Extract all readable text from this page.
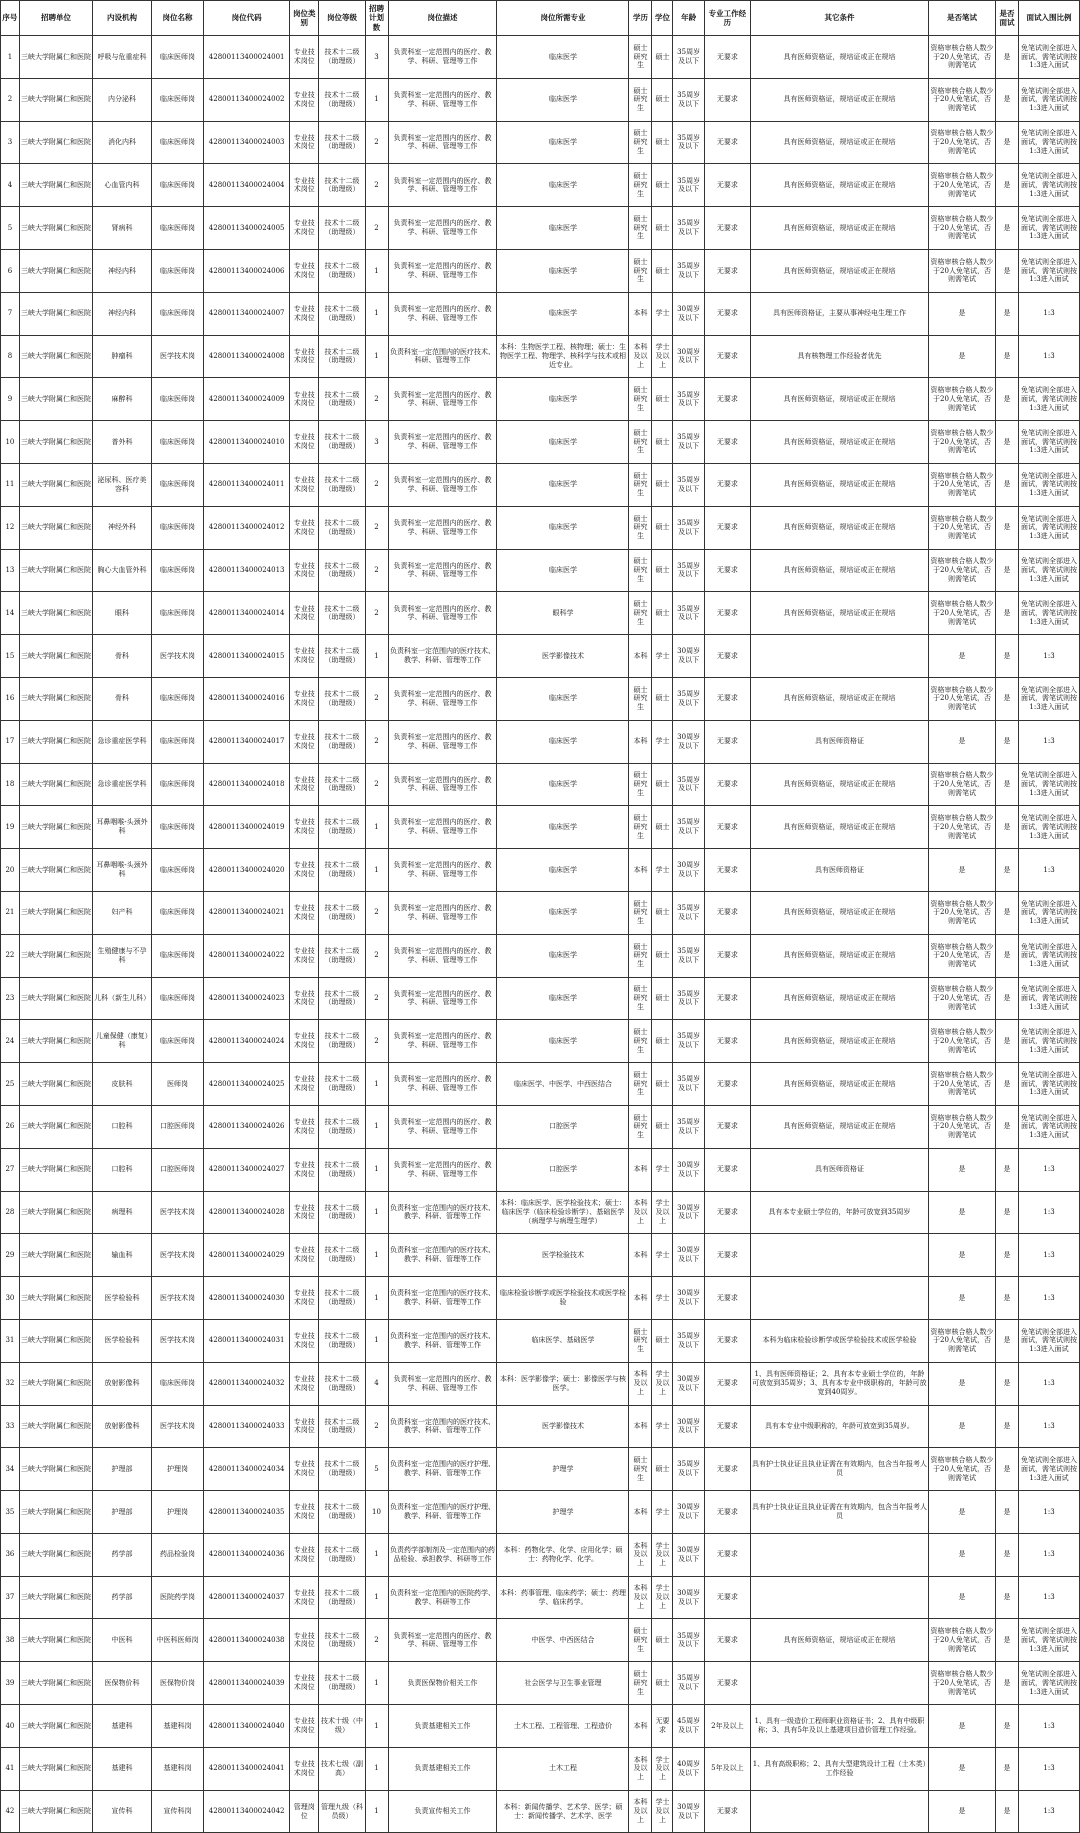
序号	招聘单位	内设机构	岗位名称	岗位代码	岗位类别	岗位等级	招聘计划数	岗位描述	岗位所需专业	学历	学位	年龄	专业工作经历	其它条件	是否笔试	是否面试	面试入围比例
1	三峡大学附属仁和医院	呼吸与危重症科	临床医师岗	42800113400024001	专业技术岗位	技术十二级（助理级）	3	负责科室一定范围内的医疗、教学、科研、管理等工作	临床医学	硕士研究生	硕士	35周岁及以下	无要求	具有医师资格证，规培证或正在规培	资格审核合格人数少于20人免笔试，否则需笔试	是	免笔试则全部进入面试，需笔试则按1:3进入面试
2	三峡大学附属仁和医院	内分泌科	临床医师岗	42800113400024002	专业技术岗位	技术十二级（助理级）	1	负责科室一定范围内的医疗、教学、科研、管理等工作	临床医学	硕士研究生	硕士	35周岁及以下	无要求	具有医师资格证，规培证或正在规培	资格审核合格人数少于20人免笔试，否则需笔试	是	免笔试则全部进入面试，需笔试则按1:3进入面试
3	三峡大学附属仁和医院	消化内科	临床医师岗	42800113400024003	专业技术岗位	技术十二级（助理级）	2	负责科室一定范围内的医疗、教学、科研、管理等工作	临床医学	硕士研究生	硕士	35周岁及以下	无要求	具有医师资格证，规培证或正在规培	资格审核合格人数少于20人免笔试，否则需笔试	是	免笔试则全部进入面试，需笔试则按1:3进入面试
4	三峡大学附属仁和医院	心血管内科	临床医师岗	42800113400024004	专业技术岗位	技术十二级（助理级）	2	负责科室一定范围内的医疗、教学、科研、管理等工作	临床医学	硕士研究生	硕士	35周岁及以下	无要求	具有医师资格证，规培证或正在规培	资格审核合格人数少于20人免笔试，否则需笔试	是	免笔试则全部进入面试，需笔试则按1:3进入面试
5	三峡大学附属仁和医院	肾病科	临床医师岗	42800113400024005	专业技术岗位	技术十二级（助理级）	2	负责科室一定范围内的医疗、教学、科研、管理等工作	临床医学	硕士研究生	硕士	35周岁及以下	无要求	具有医师资格证，规培证或正在规培	资格审核合格人数少于20人免笔试，否则需笔试	是	免笔试则全部进入面试，需笔试则按1:3进入面试
6	三峡大学附属仁和医院	神经内科	临床医师岗	42800113400024006	专业技术岗位	技术十二级（助理级）	1	负责科室一定范围内的医疗、教学、科研、管理等工作	临床医学	硕士研究生	硕士	35周岁及以下	无要求	具有医师资格证，规培证或正在规培	资格审核合格人数少于20人免笔试，否则需笔试	是	免笔试则全部进入面试，需笔试则按1:3进入面试
7	三峡大学附属仁和医院	神经内科	临床医师岗	42800113400024007	专业技术岗位	技术十二级（助理级）	1	负责科室一定范围内的医疗、教学、科研、管理等工作	临床医学	本科	学士	30周岁及以下	无要求	具有医师资格证，主要从事神经电生理工作	是	是	1:3
8	三峡大学附属仁和医院	肿瘤科	医学技术岗	42800113400024008	专业技术岗位	技术十二级（助理级）	1	负责科室一定范围内的医疗技术、科研、管理等工作	本科：生物医学工程、核物理；硕士：生物医学工程、物理学、核科学与技术或相近专业。	本科及以上	学士及以上	30周岁及以下	无要求	具有核物理工作经验者优先	是	是	1:3
9	三峡大学附属仁和医院	麻醉科	临床医师岗	42800113400024009	专业技术岗位	技术十二级（助理级）	2	负责科室一定范围内的医疗、教学、科研、管理等工作	临床医学	硕士研究生	硕士	35周岁及以下	无要求	具有医师资格证，规培证或正在规培	资格审核合格人数少于20人免笔试，否则需笔试	是	免笔试则全部进入面试，需笔试则按1:3进入面试
10	三峡大学附属仁和医院	普外科	临床医师岗	42800113400024010	专业技术岗位	技术十二级（助理级）	3	负责科室一定范围内的医疗、教学、科研、管理等工作	临床医学	硕士研究生	硕士	35周岁及以下	无要求	具有医师资格证，规培证或正在规培	资格审核合格人数少于20人免笔试，否则需笔试	是	免笔试则全部进入面试，需笔试则按1:3进入面试
11	三峡大学附属仁和医院	泌尿科、医疗美容科	临床医师岗	42800113400024011	专业技术岗位	技术十二级（助理级）	2	负责科室一定范围内的医疗、教学、科研、管理等工作	临床医学	硕士研究生	硕士	35周岁及以下	无要求	具有医师资格证，规培证或正在规培	资格审核合格人数少于20人免笔试，否则需笔试	是	免笔试则全部进入面试，需笔试则按1:3进入面试
12	三峡大学附属仁和医院	神经外科	临床医师岗	42800113400024012	专业技术岗位	技术十二级（助理级）	2	负责科室一定范围内的医疗、教学、科研、管理等工作	临床医学	硕士研究生	硕士	35周岁及以下	无要求	具有医师资格证，规培证或正在规培	资格审核合格人数少于20人免笔试，否则需笔试	是	免笔试则全部进入面试，需笔试则按1:3进入面试
13	三峡大学附属仁和医院	胸心大血管外科	临床医师岗	42800113400024013	专业技术岗位	技术十二级（助理级）	2	负责科室一定范围内的医疗、教学、科研、管理等工作	临床医学	硕士研究生	硕士	35周岁及以下	无要求	具有医师资格证，规培证或正在规培	资格审核合格人数少于20人免笔试，否则需笔试	是	免笔试则全部进入面试，需笔试则按1:3进入面试
14	三峡大学附属仁和医院	眼科	临床医师岗	42800113400024014	专业技术岗位	技术十二级（助理级）	2	负责科室一定范围内的医疗、教学、科研、管理等工作	眼科学	硕士研究生	硕士	35周岁及以下	无要求	具有医师资格证，规培证或正在规培	资格审核合格人数少于20人免笔试，否则需笔试	是	免笔试则全部进入面试，需笔试则按1:3进入面试
15	三峡大学附属仁和医院	骨科	医学技术岗	42800113400024015	专业技术岗位	技术十二级（助理级）	1	负责科室一定范围内的医疗技术、教学、科研、管理等工作	医学影像技术	本科	学士	30周岁及以下	无要求		是	是	1:3
16	三峡大学附属仁和医院	骨科	临床医师岗	42800113400024016	专业技术岗位	技术十二级（助理级）	2	负责科室一定范围内的医疗、教学、科研、管理等工作	临床医学	硕士研究生	硕士	35周岁及以下	无要求	具有医师资格证，规培证或正在规培	资格审核合格人数少于20人免笔试，否则需笔试	是	免笔试则全部进入面试，需笔试则按1:3进入面试
17	三峡大学附属仁和医院	急诊重症医学科	临床医师岗	42800113400024017	专业技术岗位	技术十二级（助理级）	2	负责科室一定范围内的医疗、教学、科研、管理等工作	临床医学	本科	学士	30周岁及以下	无要求	具有医师资格证	是	是	1:3
18	三峡大学附属仁和医院	急诊重症医学科	临床医师岗	42800113400024018	专业技术岗位	技术十二级（助理级）	2	负责科室一定范围内的医疗、教学、科研、管理等工作	临床医学	硕士研究生	硕士	35周岁及以下	无要求	具有医师资格证，规培证或正在规培	资格审核合格人数少于20人免笔试，否则需笔试	是	免笔试则全部进入面试，需笔试则按1:3进入面试
19	三峡大学附属仁和医院	耳鼻咽喉-头颈外科	临床医师岗	42800113400024019	专业技术岗位	技术十二级（助理级）	1	负责科室一定范围内的医疗、教学、科研、管理等工作	临床医学	硕士研究生	硕士	35周岁及以下	无要求	具有医师资格证，规培证或正在规培	资格审核合格人数少于20人免笔试，否则需笔试	是	免笔试则全部进入面试，需笔试则按1:3进入面试
20	三峡大学附属仁和医院	耳鼻咽喉-头颈外科	临床医师岗	42800113400024020	专业技术岗位	技术十二级（助理级）	1	负责科室一定范围内的医疗、教学、科研、管理等工作	临床医学	本科	学士	30周岁及以下	无要求	具有医师资格证	是	是	1:3
21	三峡大学附属仁和医院	妇产科	临床医师岗	42800113400024021	专业技术岗位	技术十二级（助理级）	2	负责科室一定范围内的医疗、教学、科研、管理等工作	临床医学	硕士研究生	硕士	35周岁及以下	无要求	具有医师资格证，规培证或正在规培	资格审核合格人数少于20人免笔试，否则需笔试	是	免笔试则全部进入面试，需笔试则按1:3进入面试
22	三峡大学附属仁和医院	生殖健康与不孕科	临床医师岗	42800113400024022	专业技术岗位	技术十二级（助理级）	2	负责科室一定范围内的医疗、教学、科研、管理等工作	临床医学	硕士研究生	硕士	35周岁及以下	无要求	具有医师资格证，规培证或正在规培	资格审核合格人数少于20人免笔试，否则需笔试	是	免笔试则全部进入面试，需笔试则按1:3进入面试
23	三峡大学附属仁和医院	儿科（新生儿科）	临床医师岗	42800113400024023	专业技术岗位	技术十二级（助理级）	2	负责科室一定范围内的医疗、教学、科研、管理等工作	临床医学	硕士研究生	硕士	35周岁及以下	无要求	具有医师资格证，规培证或正在规培	资格审核合格人数少于20人免笔试，否则需笔试	是	免笔试则全部进入面试，需笔试则按1:3进入面试
24	三峡大学附属仁和医院	儿童保健（康复）科	临床医师岗	42800113400024024	专业技术岗位	技术十二级（助理级）	2	负责科室一定范围内的医疗、教学、科研、管理等工作	临床医学	硕士研究生	硕士	35周岁及以下	无要求	具有医师资格证，规培证或正在规培	资格审核合格人数少于20人免笔试，否则需笔试	是	免笔试则全部进入面试，需笔试则按1:3进入面试
25	三峡大学附属仁和医院	皮肤科	医师岗	42800113400024025	专业技术岗位	技术十二级（助理级）	1	负责科室一定范围内的医疗、教学、科研、管理等工作	临床医学、中医学、中西医结合	硕士研究生	硕士	35周岁及以下	无要求	具有医师资格证，规培证或正在规培	资格审核合格人数少于20人免笔试，否则需笔试	是	免笔试则全部进入面试，需笔试则按1:3进入面试
26	三峡大学附属仁和医院	口腔科	口腔医师岗	42800113400024026	专业技术岗位	技术十二级（助理级）	1	负责科室一定范围内的医疗、教学、科研、管理等工作	口腔医学	硕士研究生	硕士	35周岁及以下	无要求	具有医师资格证，规培证或正在规培	资格审核合格人数少于20人免笔试，否则需笔试	是	免笔试则全部进入面试，需笔试则按1:3进入面试
27	三峡大学附属仁和医院	口腔科	口腔医师岗	42800113400024027	专业技术岗位	技术十二级（助理级）	1	负责科室一定范围内的医疗、教学、科研、管理等工作	口腔医学	本科	学士	30周岁及以下	无要求	具有医师资格证	是	是	1:3
28	三峡大学附属仁和医院	病理科	医学技术岗	42800113400024028	专业技术岗位	技术十二级（助理级）	1	负责科室一定范围内的医疗技术、教学、科研、管理等工作	本科：临床医学、医学检验技术；硕士：临床医学（临床检验诊断学）、基础医学（病理学与病理生理学）	本科及以上	学士及以上	30周岁及以下	无要求	具有本专业硕士学位的，年龄可放宽到35周岁	是	是	1:3
29	三峡大学附属仁和医院	输血科	医学技术岗	42800113400024029	专业技术岗位	技术十二级（助理级）	1	负责科室一定范围内的医疗技术、教学、科研、管理等工作	医学检验技术	本科	学士	30周岁及以下	无要求		是	是	1:3
30	三峡大学附属仁和医院	医学检验科	医学技术岗	42800113400024030	专业技术岗位	技术十二级（助理级）	1	负责科室一定范围内的医疗技术、教学、科研、管理等工作	临床检验诊断学或医学检验技术或医学检验	本科	学士	30周岁及以下	无要求		是	是	1:3
31	三峡大学附属仁和医院	医学检验科	医学技术岗	42800113400024031	专业技术岗位	技术十二级（助理级）	1	负责科室一定范围内的医疗技术、教学、科研、管理等工作	临床医学、基础医学	硕士研究生	硕士	35周岁及以下	无要求	本科为临床检验诊断学或医学检验技术或医学检验	资格审核合格人数少于20人免笔试，否则需笔试	是	免笔试则全部进入面试，需笔试则按1:3进入面试
32	三峡大学附属仁和医院	放射影像科	临床医师岗	42800113400024032	专业技术岗位	技术十二级（助理级）	4	负责科室一定范围内的医疗、教学、科研、管理等工作	本科：医学影像学；硕士：影像医学与核医学。	本科及以上	学士及以上	30周岁及以下	无要求	1、具有医师资格证；2、具有本专业硕士学位的，年龄可放宽到35周岁；3、具有本专业中级职称的，年龄可放宽到40周岁。	是	是	1:3
33	三峡大学附属仁和医院	放射影像科	医学技术岗	42800113400024033	专业技术岗位	技术十二级（助理级）	2	负责科室一定范围内的医疗技术、教学、科研、管理等工作	医学影像技术	本科	学士	30周岁及以下	无要求	具有本专业中级职称的，年龄可放宽到35周岁。	是	是	1:3
34	三峡大学附属仁和医院	护理部	护理岗	42800113400024034	专业技术岗位	技术十二级（助理级）	5	负责科室一定范围内的医疗护理、教学、科研、管理等工作	护理学	硕士研究生	硕士	35周岁及以下	无要求	具有护士执业证且执业证需在有效期内，包含当年报考人员	资格审核合格人数少于20人免笔试，否则需笔试	是	免笔试则全部进入面试，需笔试则按1:3进入面试
35	三峡大学附属仁和医院	护理部	护理岗	42800113400024035	专业技术岗位	技术十二级（助理级）	10	负责科室一定范围内的医疗护理、教学、科研、管理等工作	护理学	本科	学士	30周岁及以下	无要求	具有护士执业证且执业证需在有效期内，包含当年报考人员	是	是	1:3
36	三峡大学附属仁和医院	药学部	药品检验岗	42800113400024036	专业技术岗位	技术十二级（助理级）	1	负责药学部制剂及一定范围内的药品检验、承担教学、科研等工作	本科：药物化学、化学、应用化学；硕士：药物化学、化学。	本科及以上	学士及以上	30周岁及以下	无要求		是	是	1:3
37	三峡大学附属仁和医院	药学部	医院药学岗	42800113400024037	专业技术岗位	技术十二级（助理级）	1	负责科室一定范围内的医院药学、教学、科研等工作	本科：药事管理、临床药学；硕士：药理学、临床药学。	本科及以上	学士及以上	30周岁及以下	无要求		是	是	1:3
38	三峡大学附属仁和医院	中医科	中医科医师岗	42800113400024038	专业技术岗位	技术十二级（助理级）	2	负责科室一定范围内的医疗、教学、科研、管理等工作	中医学、中西医结合	硕士研究生	硕士	35周岁及以下	无要求	具有医师资格证，规培证或正在规培	资格审核合格人数少于20人免笔试，否则需笔试	是	免笔试则全部进入面试，需笔试则按1:3进入面试
39	三峡大学附属仁和医院	医保物价科	医保物价岗	42800113400024039	专业技术岗位	技术十二级（助理级）	1	负责医保物价相关工作	社会医学与卫生事业管理	硕士研究生	硕士	35周岁及以下	无要求		资格审核合格人数少于20人免笔试，否则需笔试	是	免笔试则全部进入面试，需笔试则按1:3进入面试
40	三峡大学附属仁和医院	基建科	基建科岗	42800113400024040	专业技术岗位	技术十级（中级）	1	负责基建相关工作	土木工程、工程管理、工程造价	本科	无要求	45周岁及以下	2年及以上	1、具有一级造价工程师职业资格证书；2、具有中级职称；3、具有5年及以上基建项目造价管理工作经验。	是	是	1:3
41	三峡大学附属仁和医院	基建科	基建科岗	42800113400024041	专业技术岗位	技术七级（副高）	1	负责基建相关工作	土木工程	本科及以上	学士及以上	40周岁及以下	5年及以上	1、具有高级职称；2、具有大型建筑设计工程（土木类）工作经验	是	是	1:3
42	三峡大学附属仁和医院	宣传科	宣传科岗	42800113400024042	管理岗位	管理九级（科员级）	1	负责宣传相关工作	本科：新闻传播学、艺术学、医学；硕士：新闻传播学、艺术学、医学	本科及以上	学士及以上	30周岁及以下	无要求		是	是	1:3
